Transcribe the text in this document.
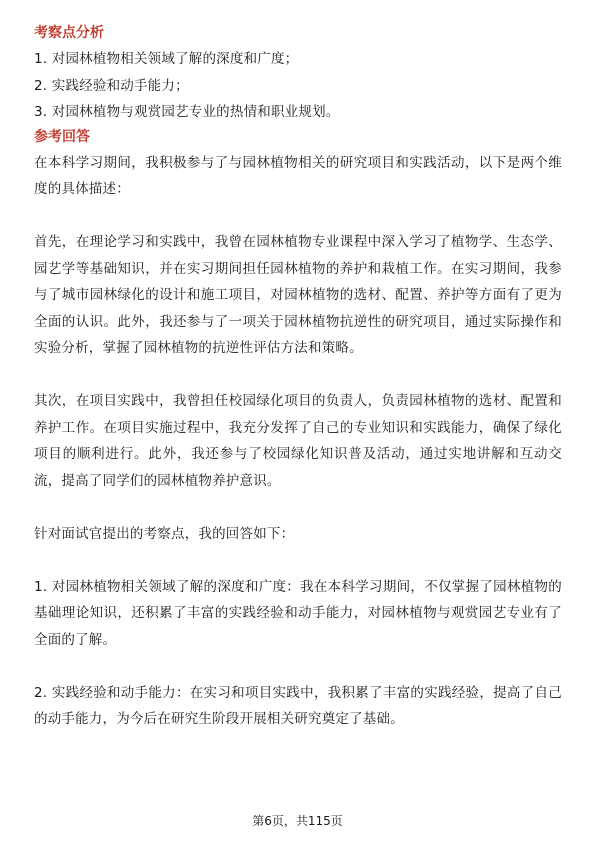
考察点分析
1. 对园林植物相关领域了解的深度和广度；
2. 实践经验和动手能力；
3. 对园林植物与观赏园艺专业的热情和职业规划。
参考回答
在本科学习期间，我积极参与了与园林植物相关的研究项目和实践活动，以下是两个维度的具体描述：
首先，在理论学习和实践中，我曾在园林植物专业课程中深入学习了植物学、生态学、园艺学等基础知识，并在实习期间担任园林植物的养护和栽植工作。在实习期间，我参与了城市园林绿化的设计和施工项目，对园林植物的选材、配置、养护等方面有了更为全面的认识。此外，我还参与了一项关于园林植物抗逆性的研究项目，通过实际操作和实验分析，掌握了园林植物的抗逆性评估方法和策略。
其次，在项目实践中，我曾担任校园绿化项目的负责人，负责园林植物的选材、配置和养护工作。在项目实施过程中，我充分发挥了自己的专业知识和实践能力，确保了绿化项目的顺利进行。此外，我还参与了校园绿化知识普及活动，通过实地讲解和互动交流，提高了同学们的园林植物养护意识。
针对面试官提出的考察点，我的回答如下：
1. 对园林植物相关领域了解的深度和广度：我在本科学习期间，不仅掌握了园林植物的基础理论知识，还积累了丰富的实践经验和动手能力，对园林植物与观赏园艺专业有了全面的了解。
2. 实践经验和动手能力：在实习和项目实践中，我积累了丰富的实践经验，提高了自己的动手能力，为今后在研究生阶段开展相关研究奠定了基础。
第6页，共115页
